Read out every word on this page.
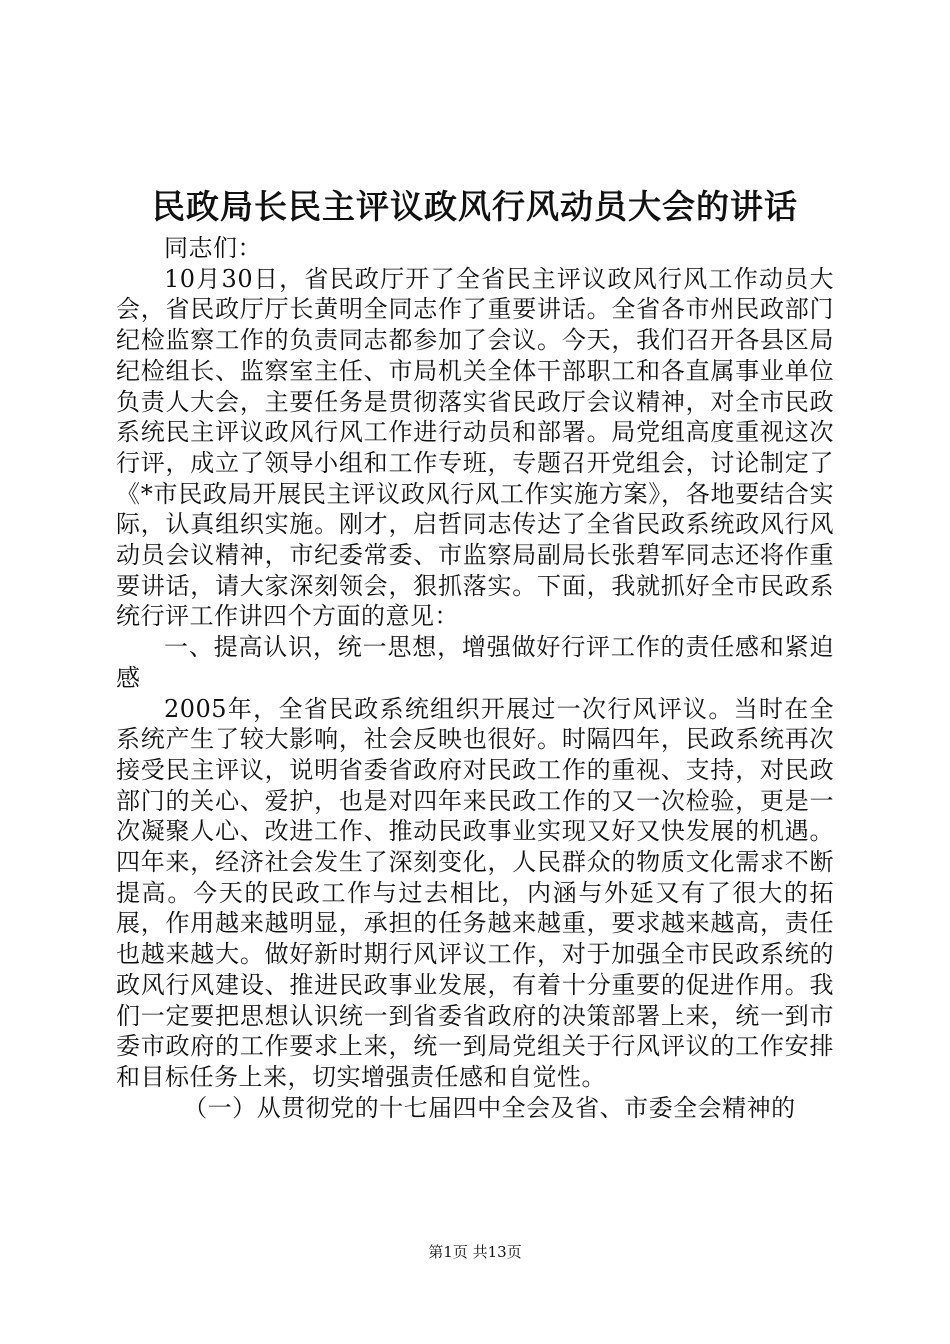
民政局长民主评议政风行风动员大会的讲话

同志们：

10月30日，省民政厅开了全省民主评议政风行风工作动员大会，省民政厅厅长黄明全同志作了重要讲话。全省各市州民政部门纪检监察工作的负责同志都参加了会议。今天，我们召开各县区局纪检组长、监察室主任、市局机关全体干部职工和各直属事业单位负责人大会，主要任务是贯彻落实省民政厅会议精神，对全市民政系统民主评议政风行风工作进行动员和部署。局党组高度重视这次行评，成立了领导小组和工作专班，专题召开党组会，讨论制定了《*市民政局开展民主评议政风行风工作实施方案》，各地要结合实际，认真组织实施。刚才，启哲同志传达了全省民政系统政风行风动员会议精神，市纪委常委、市监察局副局长张碧军同志还将作重要讲话，请大家深刻领会，狠抓落实。下面，我就抓好全市民政系统行评工作讲四个方面的意见：

一、提高认识，统一思想，增强做好行评工作的责任感和紧迫感

2005年，全省民政系统组织开展过一次行风评议。当时在全系统产生了较大影响，社会反映也很好。时隔四年，民政系统再次接受民主评议，说明省委省政府对民政工作的重视、支持，对民政部门的关心、爱护，也是对四年来民政工作的又一次检验，更是一次凝聚人心、改进工作、推动民政事业实现又好又快发展的机遇。四年来，经济社会发生了深刻变化，人民群众的物质文化需求不断提高。今天的民政工作与过去相比，内涵与外延又有了很大的拓展，作用越来越明显，承担的任务越来越重，要求越来越高，责任也越来越大。做好新时期行风评议工作，对于加强全市民政系统的政风行风建设、推进民政事业发展，有着十分重要的促进作用。我们一定要把思想认识统一到省委省政府的决策部署上来，统一到市委市政府的工作要求上来，统一到局党组关于行风评议的工作安排和目标任务上来，切实增强责任感和自觉性。

（一）从贯彻党的十七届四中全会及省、市委全会精神的

第1页 共13页
